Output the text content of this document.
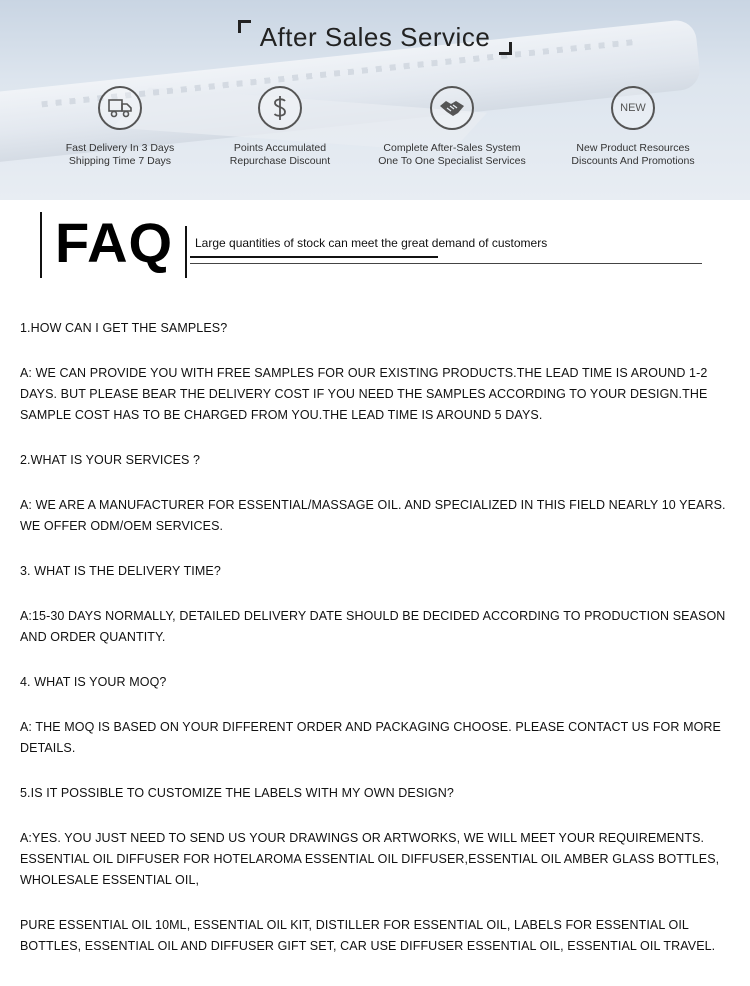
After Sales Service
Fast Delivery In 3 Days
Shipping Time 7 Days
Points Accumulated
Repurchase Discount
Complete After-Sales System
One To One Specialist Services
NEW
New Product Resources
Discounts And Promotions
FAQ Large quantities of stock can meet the great demand of customers

1.HOW CAN I GET THE SAMPLES?

A: WE CAN PROVIDE YOU WITH FREE SAMPLES FOR OUR EXISTING PRODUCTS.THE LEAD TIME IS AROUND 1-2 DAYS. BUT PLEASE BEAR THE DELIVERY COST IF YOU NEED THE SAMPLES ACCORDING TO YOUR DESIGN.THE SAMPLE COST HAS TO BE CHARGED FROM YOU.THE LEAD TIME IS AROUND 5 DAYS.

2.WHAT IS YOUR SERVICES ?

A: WE ARE A MANUFACTURER FOR ESSENTIAL/MASSAGE OIL. AND SPECIALIZED IN THIS FIELD NEARLY 10 YEARS. WE OFFER ODM/OEM SERVICES.

3. WHAT IS THE DELIVERY TIME?

A:15-30 DAYS NORMALLY, DETAILED DELIVERY DATE SHOULD BE DECIDED ACCORDING TO PRODUCTION SEASON AND ORDER QUANTITY.

4. WHAT IS YOUR MOQ?

A: THE MOQ IS BASED ON YOUR DIFFERENT ORDER AND PACKAGING CHOOSE. PLEASE CONTACT US FOR MORE DETAILS.

5.IS IT POSSIBLE TO CUSTOMIZE THE LABELS WITH MY OWN DESIGN?

A:YES. YOU JUST NEED TO SEND US YOUR DRAWINGS OR ARTWORKS, WE WILL MEET YOUR REQUIREMENTS.

ESSENTIAL OIL DIFFUSER FOR HOTELAROMA ESSENTIAL OIL DIFFUSER,ESSENTIAL OIL AMBER GLASS BOTTLES, WHOLESALE ESSENTIAL OIL,

PURE ESSENTIAL OIL 10ML, ESSENTIAL OIL KIT, DISTILLER FOR ESSENTIAL OIL, LABELS FOR ESSENTIAL OIL BOTTLES, ESSENTIAL OIL AND DIFFUSER GIFT SET, CAR USE DIFFUSER ESSENTIAL OIL, ESSENTIAL OIL TRAVEL.
